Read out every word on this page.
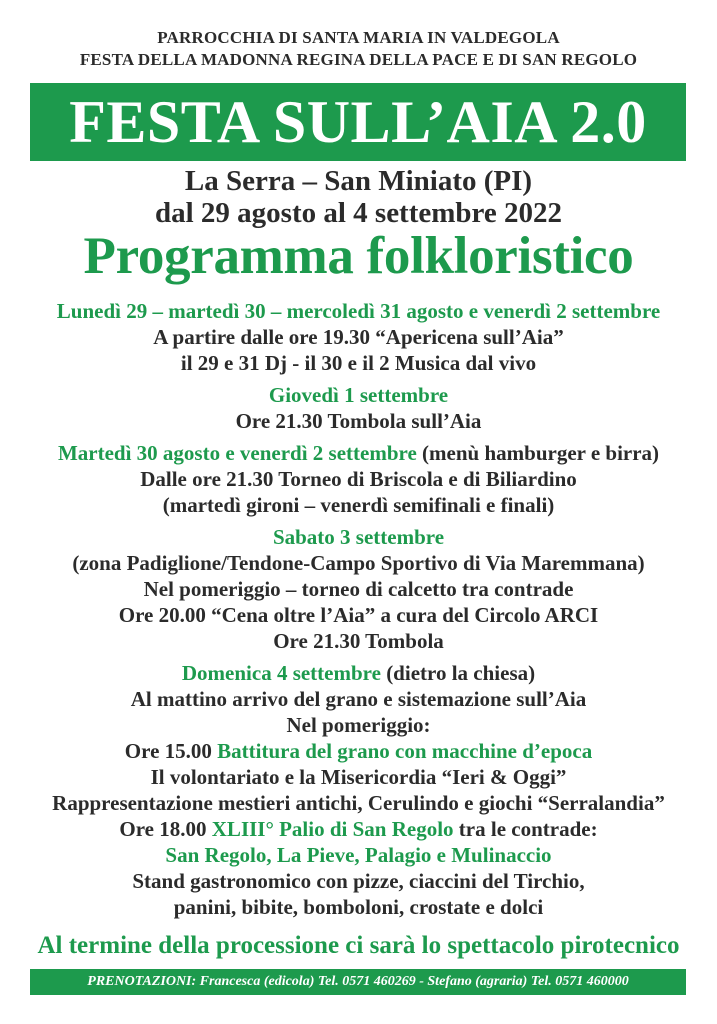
PARROCCHIA DI SANTA MARIA IN VALDEGOLA
FESTA DELLA MADONNA REGINA DELLA PACE E DI SAN REGOLO
FESTA SULL’AIA 2.0
La Serra – San Miniato (PI)
dal 29 agosto al 4 settembre 2022
Programma folkloristico
Lunedì 29 – martedì 30 – mercoledì 31 agosto e venerdì 2 settembre
A partire dalle ore 19.30 “Apericena sull’Aia”
il 29 e 31 Dj - il 30 e il 2 Musica dal vivo
Giovedì 1 settembre
Ore 21.30 Tombola sull’Aia
Martedì 30 agosto e venerdì 2 settembre (menù hamburger e birra)
Dalle ore 21.30 Torneo di Briscola e di Biliardino
(martedì gironi – venerdì semifinali e finali)
Sabato 3 settembre
(zona Padiglione/Tendone-Campo Sportivo di Via Maremmana)
Nel pomeriggio – torneo di calcetto tra contrade
Ore 20.00 “Cena oltre l’Aia” a cura del Circolo ARCI
Ore 21.30 Tombola
Domenica 4 settembre (dietro la chiesa)
Al mattino arrivo del grano e sistemazione sull’Aia
Nel pomeriggio:
Ore 15.00 Battitura del grano con macchine d’epoca
Il volontariato e la Misericordia “Ieri & Oggi”
Rappresentazione mestieri antichi, Cerulindo e giochi “Serralandia”
Ore 18.00 XLIII° Palio di San Regolo tra le contrade:
San Regolo, La Pieve, Palagio e Mulinaccio
Stand gastronomico con pizze, ciaccini del Tirchio,
panini, bibite, bomboloni, crostate e dolci
Al termine della processione ci sarà lo spettacolo pirotecnico
PRENOTAZIONI: Francesca (edicola) Tel. 0571 460269 - Stefano (agraria) Tel. 0571 460000
